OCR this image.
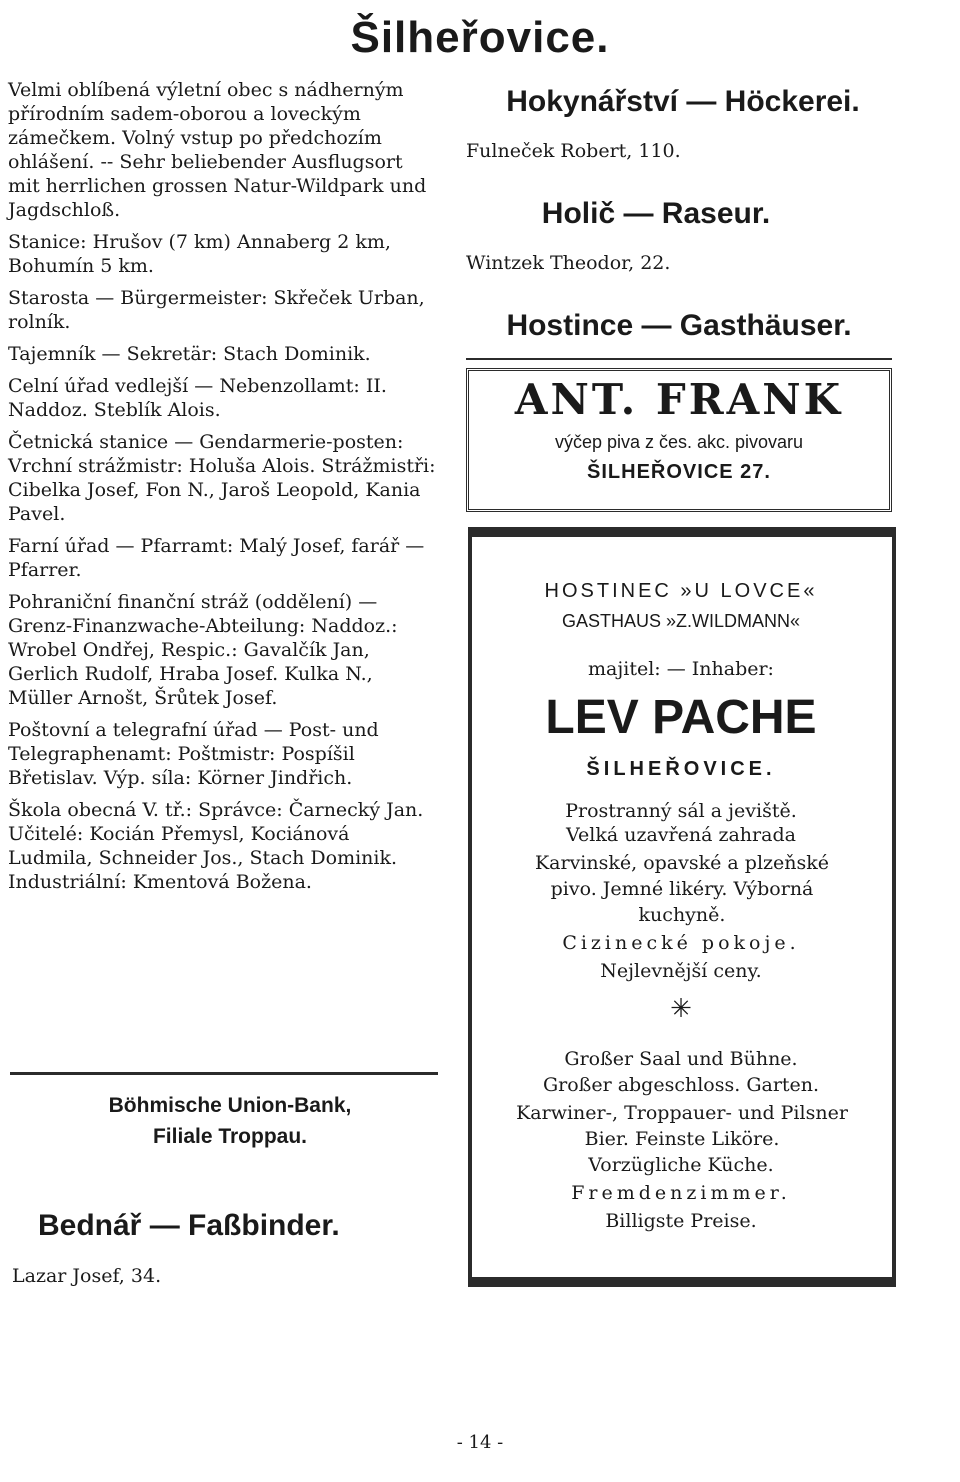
Šilheřovice.

Velmi oblíbená výletní obec s nádherným přírodním sadem-oborou a loveckým zámečkem. Volný vstup po předchozím ohlášení. -- Sehr beliebender Ausflugsort mit herrlichen grossen Natur-Wildpark und Jagdschloß.

Stanice: Hrušov (7 km) Annaberg 2 km, Bohumín 5 km.

Starosta — Bürgermeister: Skřeček Urban, rolník.

Tajemník — Sekretär: Stach Dominik.

Celní úřad vedlejší — Nebenzollamt: II. Naddoz. Steblík Alois.

Četnická stanice — Gendarmerie-posten: Vrchní strážmistr: Holuša Alois. Strážmistři: Cibelka Josef, Fon N., Jaroš Leopold, Kania Pavel.

Farní úřad — Pfarramt: Malý Josef, farář — Pfarrer.

Pohraniční finanční stráž (oddělení) — Grenz-Finanzwache-Abteilung: Naddoz.: Wrobel Ondřej, Respic.: Gavalčík Jan, Gerlich Rudolf, Hraba Josef. Kulka N., Müller Arnošt, Šrůtek Josef.

Poštovní a telegrafní úřad — Post- und Telegraphenamt: Poštmistr: Pospíšil Břetislav. Výp. síla: Körner Jindřich.

Škola obecná V. tř.: Správce: Čarnecký Jan. Učitelé: Kocián Přemysl, Kociánová Ludmila, Schneider Jos., Stach Dominik. Industriální: Kmentová Božena.

Böhmische Union-Bank,
Filiale Troppau.
Bednář — Faßbinder.
Lazar Josef, 34.
Hokynářství — Höckerei.
Fulneček Robert, 110.
Holič — Raseur.
Wintzek Theodor, 22.
Hostince — Gasthäuser.
ANT. FRANK
výčep piva z čes. akc. pivovaru
ŠILHEŘOVICE 27.
HOSTINEC »U LOVCE«
GASTHAUS »Z.WILDMANN«
majitel: — Inhaber:
LEV PACHE
ŠILHEŘOVICE.
Prostranný sál a jeviště.
Velká uzavřená zahrada
Karvinské, opavské a plzeňské pivo. Jemné likéry. Výborná kuchyně.
Cizinecké pokoje.
Nejlevnější ceny.
✳
Großer Saal und Bühne.
Großer abgeschloss. Garten.
Karwiner-, Troppauer- und Pilsner Bier. Feinste Liköre.
Vorzügliche Küche.
Fremdenzimmer.
Billigste Preise.
- 14 -
